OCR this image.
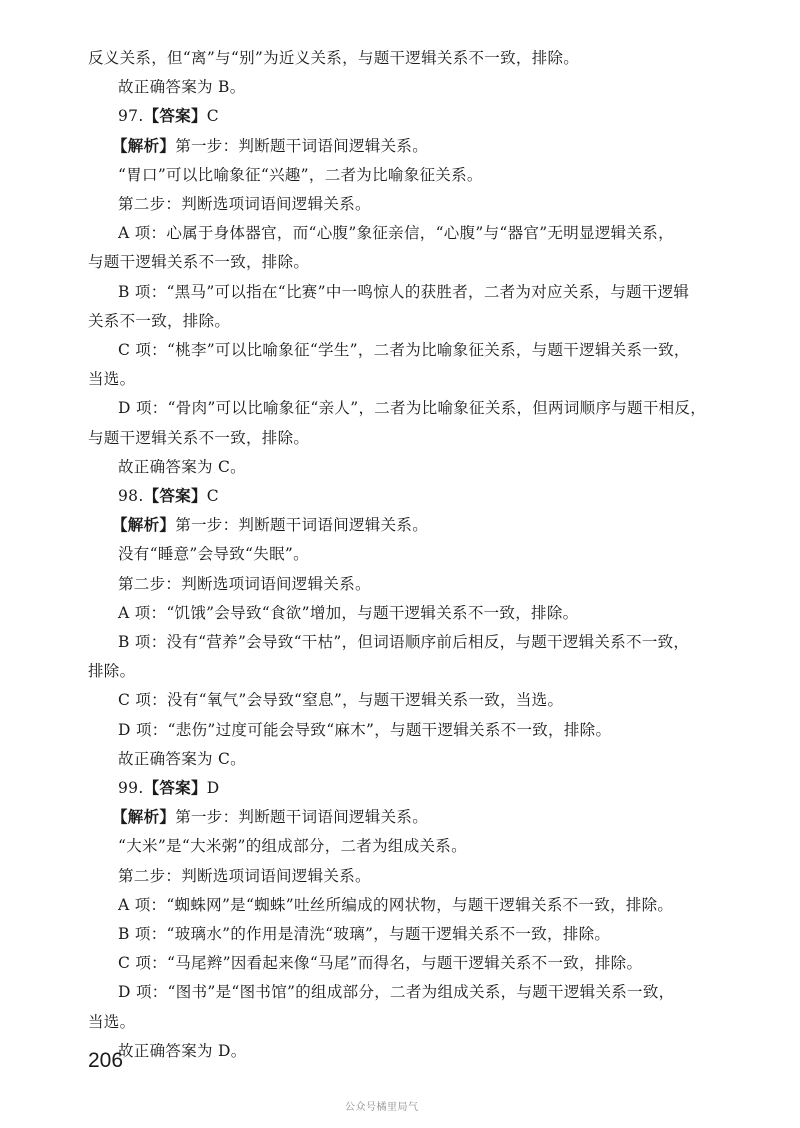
反义关系，但“离”与“别”为近义关系，与题干逻辑关系不一致，排除。
故正确答案为 B。
97.【答案】C
【解析】第一步：判断题干词语间逻辑关系。
“胃口”可以比喻象征“兴趣”，二者为比喻象征关系。
第二步：判断选项词语间逻辑关系。
A 项：心属于身体器官，而“心腹”象征亲信，“心腹”与“器官”无明显逻辑关系，
与题干逻辑关系不一致，排除。
B 项：“黑马”可以指在“比赛”中一鸣惊人的获胜者，二者为对应关系，与题干逻辑
关系不一致，排除。
C 项：“桃李”可以比喻象征“学生”，二者为比喻象征关系，与题干逻辑关系一致，
当选。
D 项：“骨肉”可以比喻象征“亲人”，二者为比喻象征关系，但两词顺序与题干相反，
与题干逻辑关系不一致，排除。
故正确答案为 C。
98.【答案】C
【解析】第一步：判断题干词语间逻辑关系。
没有“睡意”会导致“失眠”。
第二步：判断选项词语间逻辑关系。
A 项：“饥饿”会导致“食欲”增加，与题干逻辑关系不一致，排除。
B 项：没有“营养”会导致“干枯”，但词语顺序前后相反，与题干逻辑关系不一致，
排除。
C 项：没有“氧气”会导致“窒息”，与题干逻辑关系一致，当选。
D 项：“悲伤”过度可能会导致“麻木”，与题干逻辑关系不一致，排除。
故正确答案为 C。
99.【答案】D
【解析】第一步：判断题干词语间逻辑关系。
“大米”是“大米粥”的组成部分，二者为组成关系。
第二步：判断选项词语间逻辑关系。
A 项：“蜘蛛网”是“蜘蛛”吐丝所编成的网状物，与题干逻辑关系不一致，排除。
B 项：“玻璃水”的作用是清洗“玻璃”，与题干逻辑关系不一致，排除。
206
公众号橘里局气
C 项：“马尾辫”因看起来像“马尾”而得名，与题干逻辑关系不一致，排除。
D 项：“图书”是“图书馆”的组成部分，二者为组成关系，与题干逻辑关系一致，
当选。
故正确答案为 D。
